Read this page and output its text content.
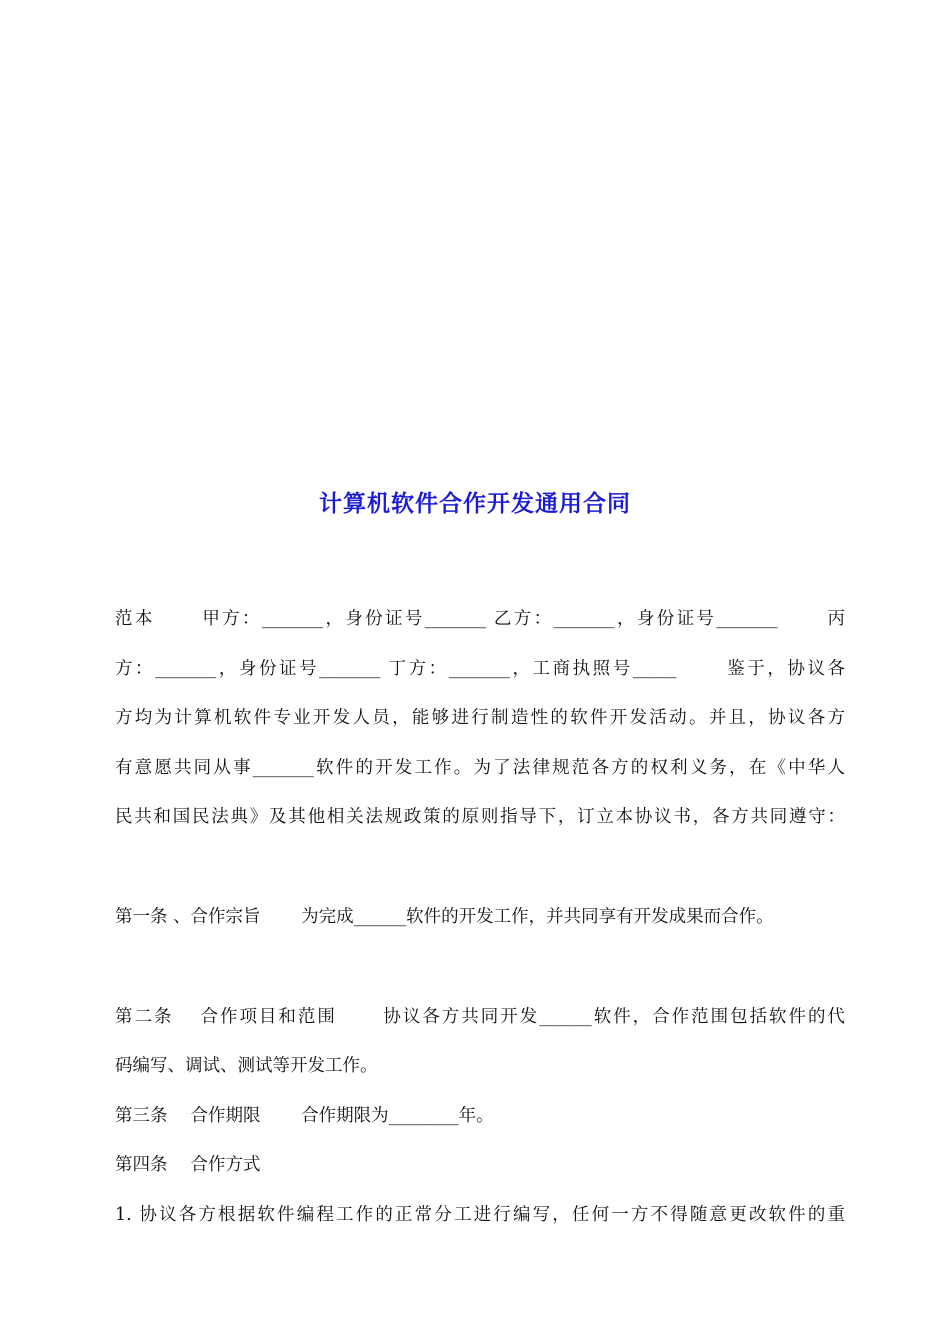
计算机软件合作开发通用合同
范本　　 甲方：_______，身份证号_______ 乙方：_______，身份证号_______　　 丙
方：_______，身份证号_______ 丁方：_______，工商执照号_____　　 鉴于，协议各
方均为计算机软件专业开发人员，能够进行制造性的软件开发活动。并且，协议各方
有意愿共同从事_______软件的开发工作。为了法律规范各方的权利义务，在《中华人
民共和国民法典》及其他相关法规政策的原则指导下，订立本协议书，各方共同遵守：
第一条 、合作宗旨　　 为完成______软件的开发工作，并共同享有开发成果而合作。
第二条　 合作项目和范围　　 协议各方共同开发______软件，合作范围包括软件的代
码编写、调试、测试等开发工作。
第三条　 合作期限　　 合作期限为________年。
第四条　 合作方式
1. 协议各方根据软件编程工作的正常分工进行编写，任何一方不得随意更改软件的重
